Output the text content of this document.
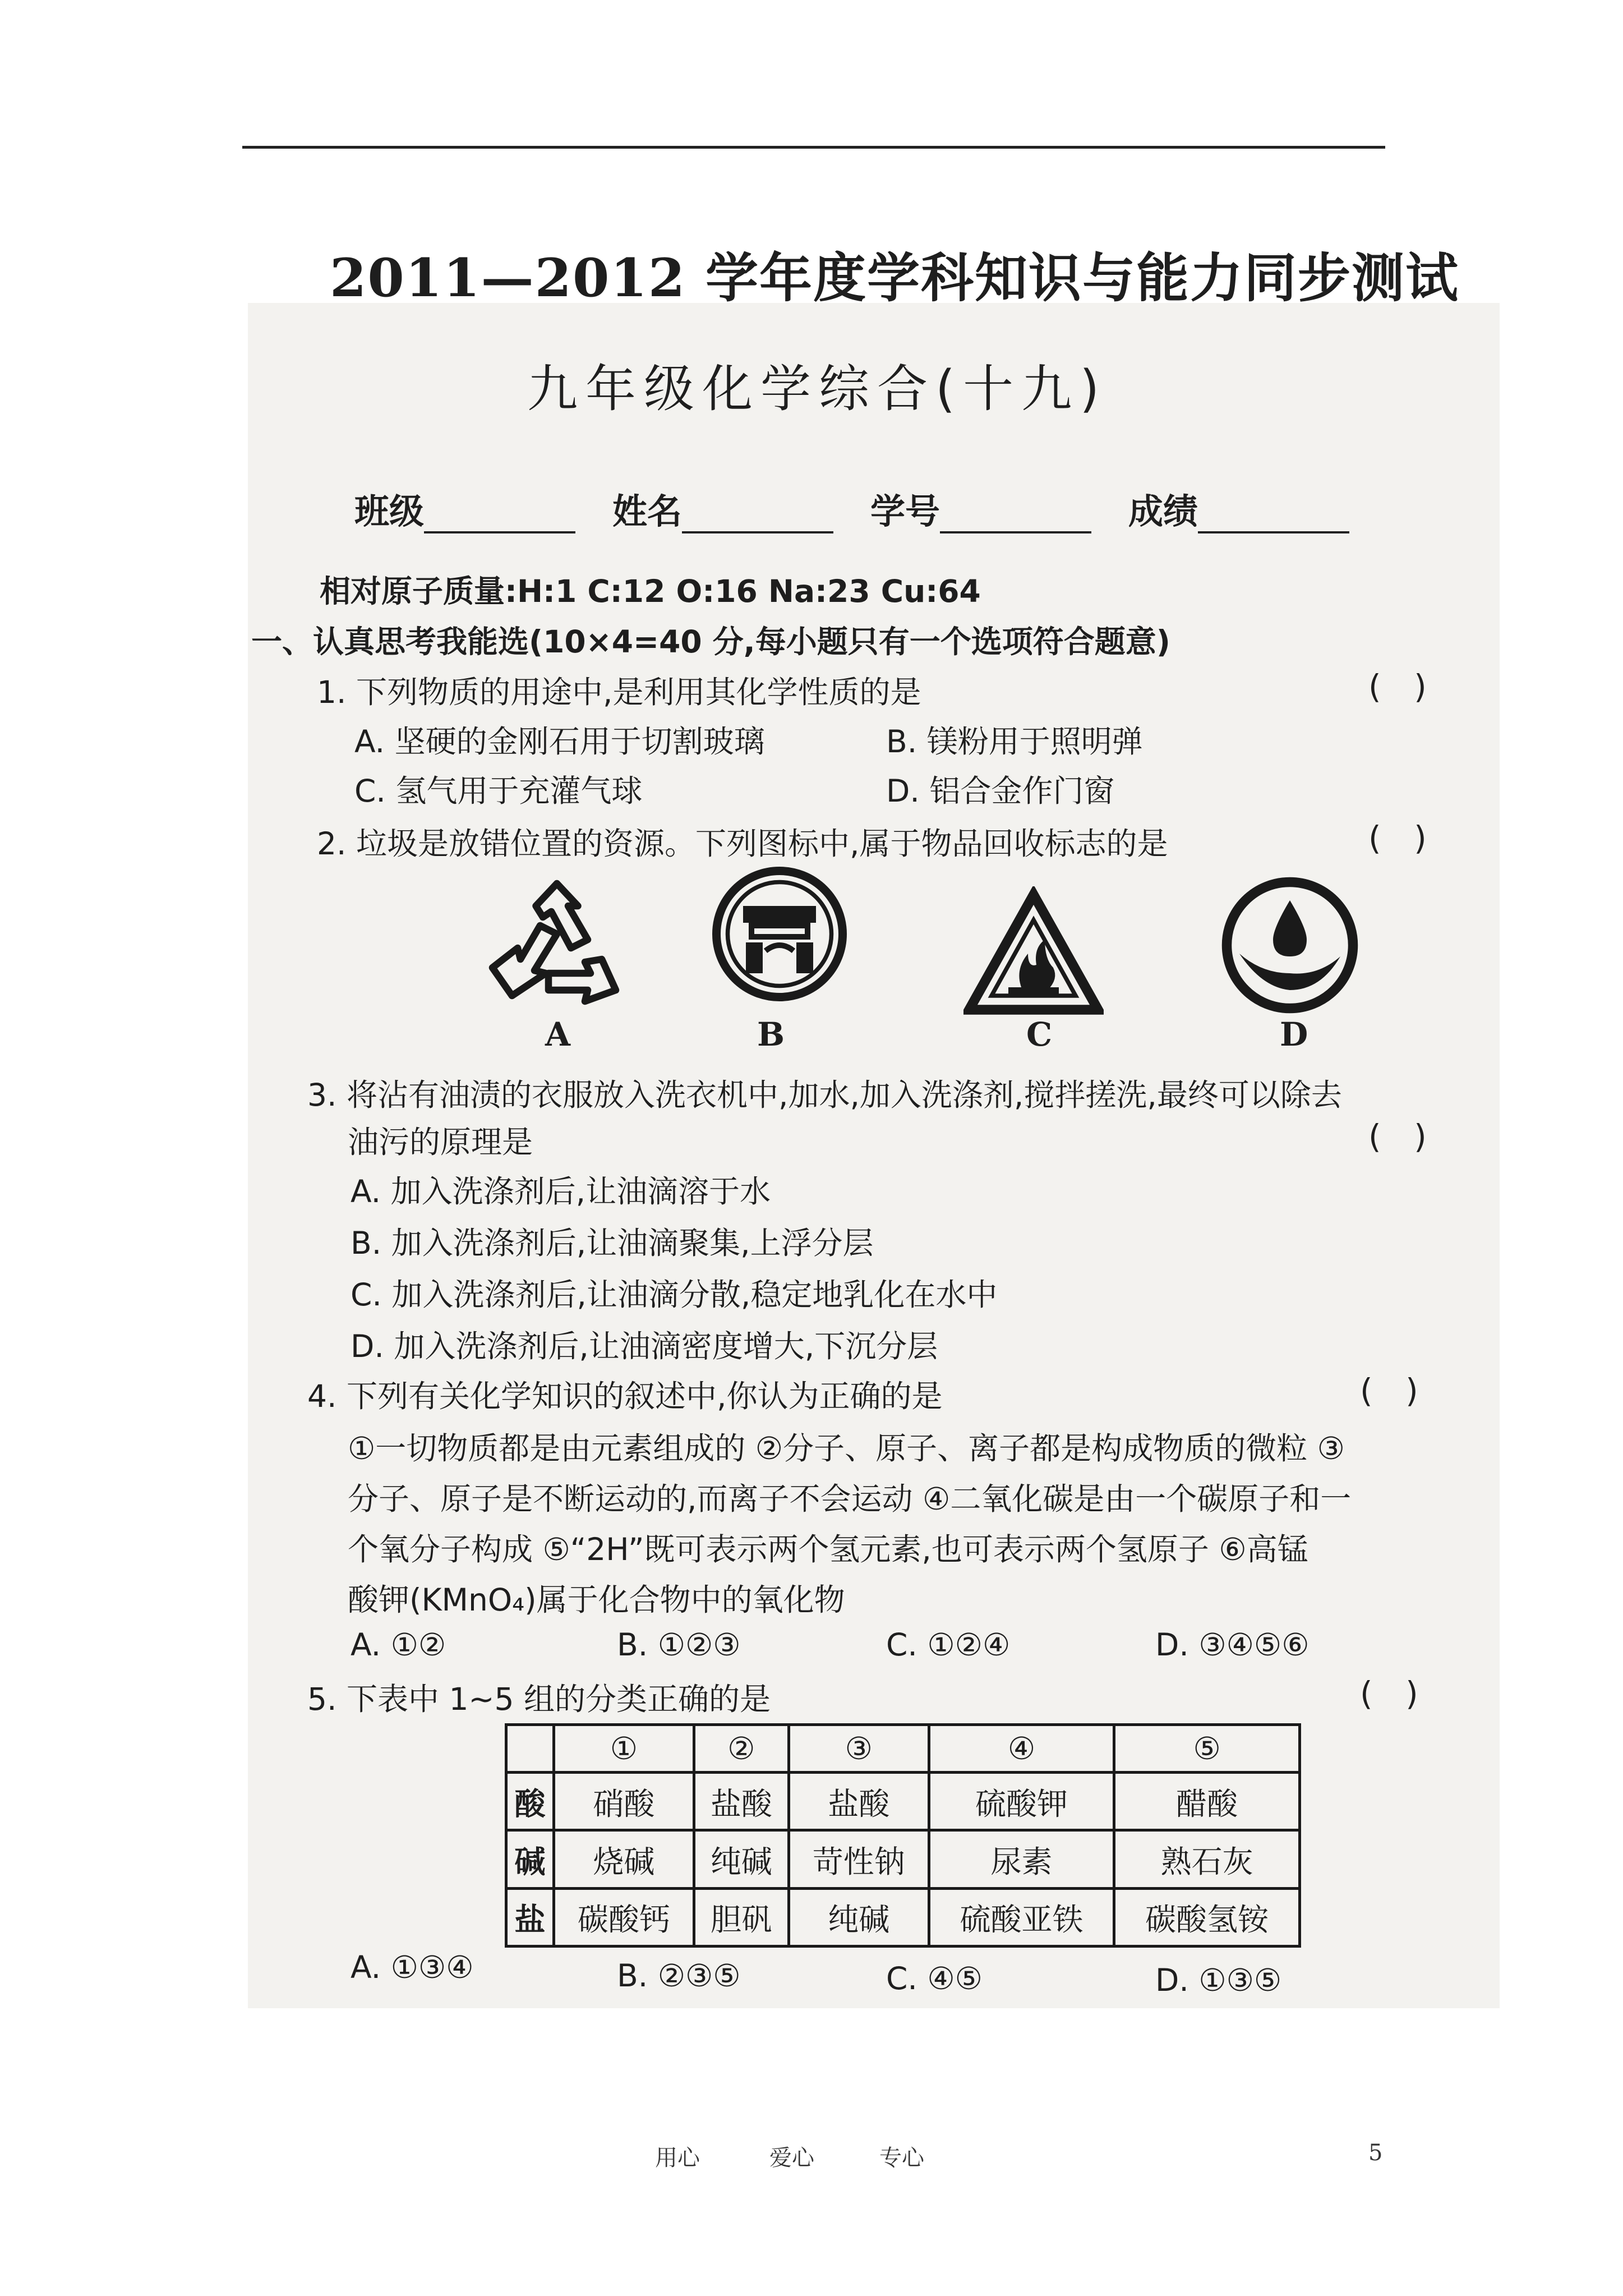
2011—2012 学年度学科知识与能力同步测试
九年级化学综合(十九)
班级	姓名	学号	成绩
相对原子质量:H:1 C:12 O:16 Na:23 Cu:64
一、认真思考我能选(10×4=40 分,每小题只有一个选项符合题意)
1. 下列物质的用途中,是利用其化学性质的是	( )
A. 坚硬的金刚石用于切割玻璃	B. 镁粉用于照明弹
C. 氢气用于充灌气球	D. 铝合金作门窗
2. 垃圾是放错位置的资源。下列图标中,属于物品回收标志的是	( )
A	B	C	D
3. 将沾有油渍的衣服放入洗衣机中,加水,加入洗涤剂,搅拌搓洗,最终可以除去
油污的原理是	( )
A. 加入洗涤剂后,让油滴溶于水
B. 加入洗涤剂后,让油滴聚集,上浮分层
C. 加入洗涤剂后,让油滴分散,稳定地乳化在水中
D. 加入洗涤剂后,让油滴密度增大,下沉分层
4. 下列有关化学知识的叙述中,你认为正确的是	( )
①一切物质都是由元素组成的 ②分子、原子、离子都是构成物质的微粒 ③
分子、原子是不断运动的,而离子不会运动 ④二氧化碳是由一个碳原子和一
个氧分子构成 ⑤“2H”既可表示两个氢元素,也可表示两个氢原子 ⑥高锰
酸钾(KMnO₄)属于化合物中的氧化物
A. ①②	B. ①②③	C. ①②④	D. ③④⑤⑥
5. 下表中 1~5 组的分类正确的是	( )
	①	②	③	④	⑤
酸	硝酸	盐酸	盐酸	硫酸钾	醋酸
碱	烧碱	纯碱	苛性钠	尿素	熟石灰
盐	碳酸钙	胆矾	纯碱	硫酸亚铁	碳酸氢铵
A. ①③④	B. ②③⑤	C. ④⑤	D. ①③⑤
用心	爱心	专心	5
